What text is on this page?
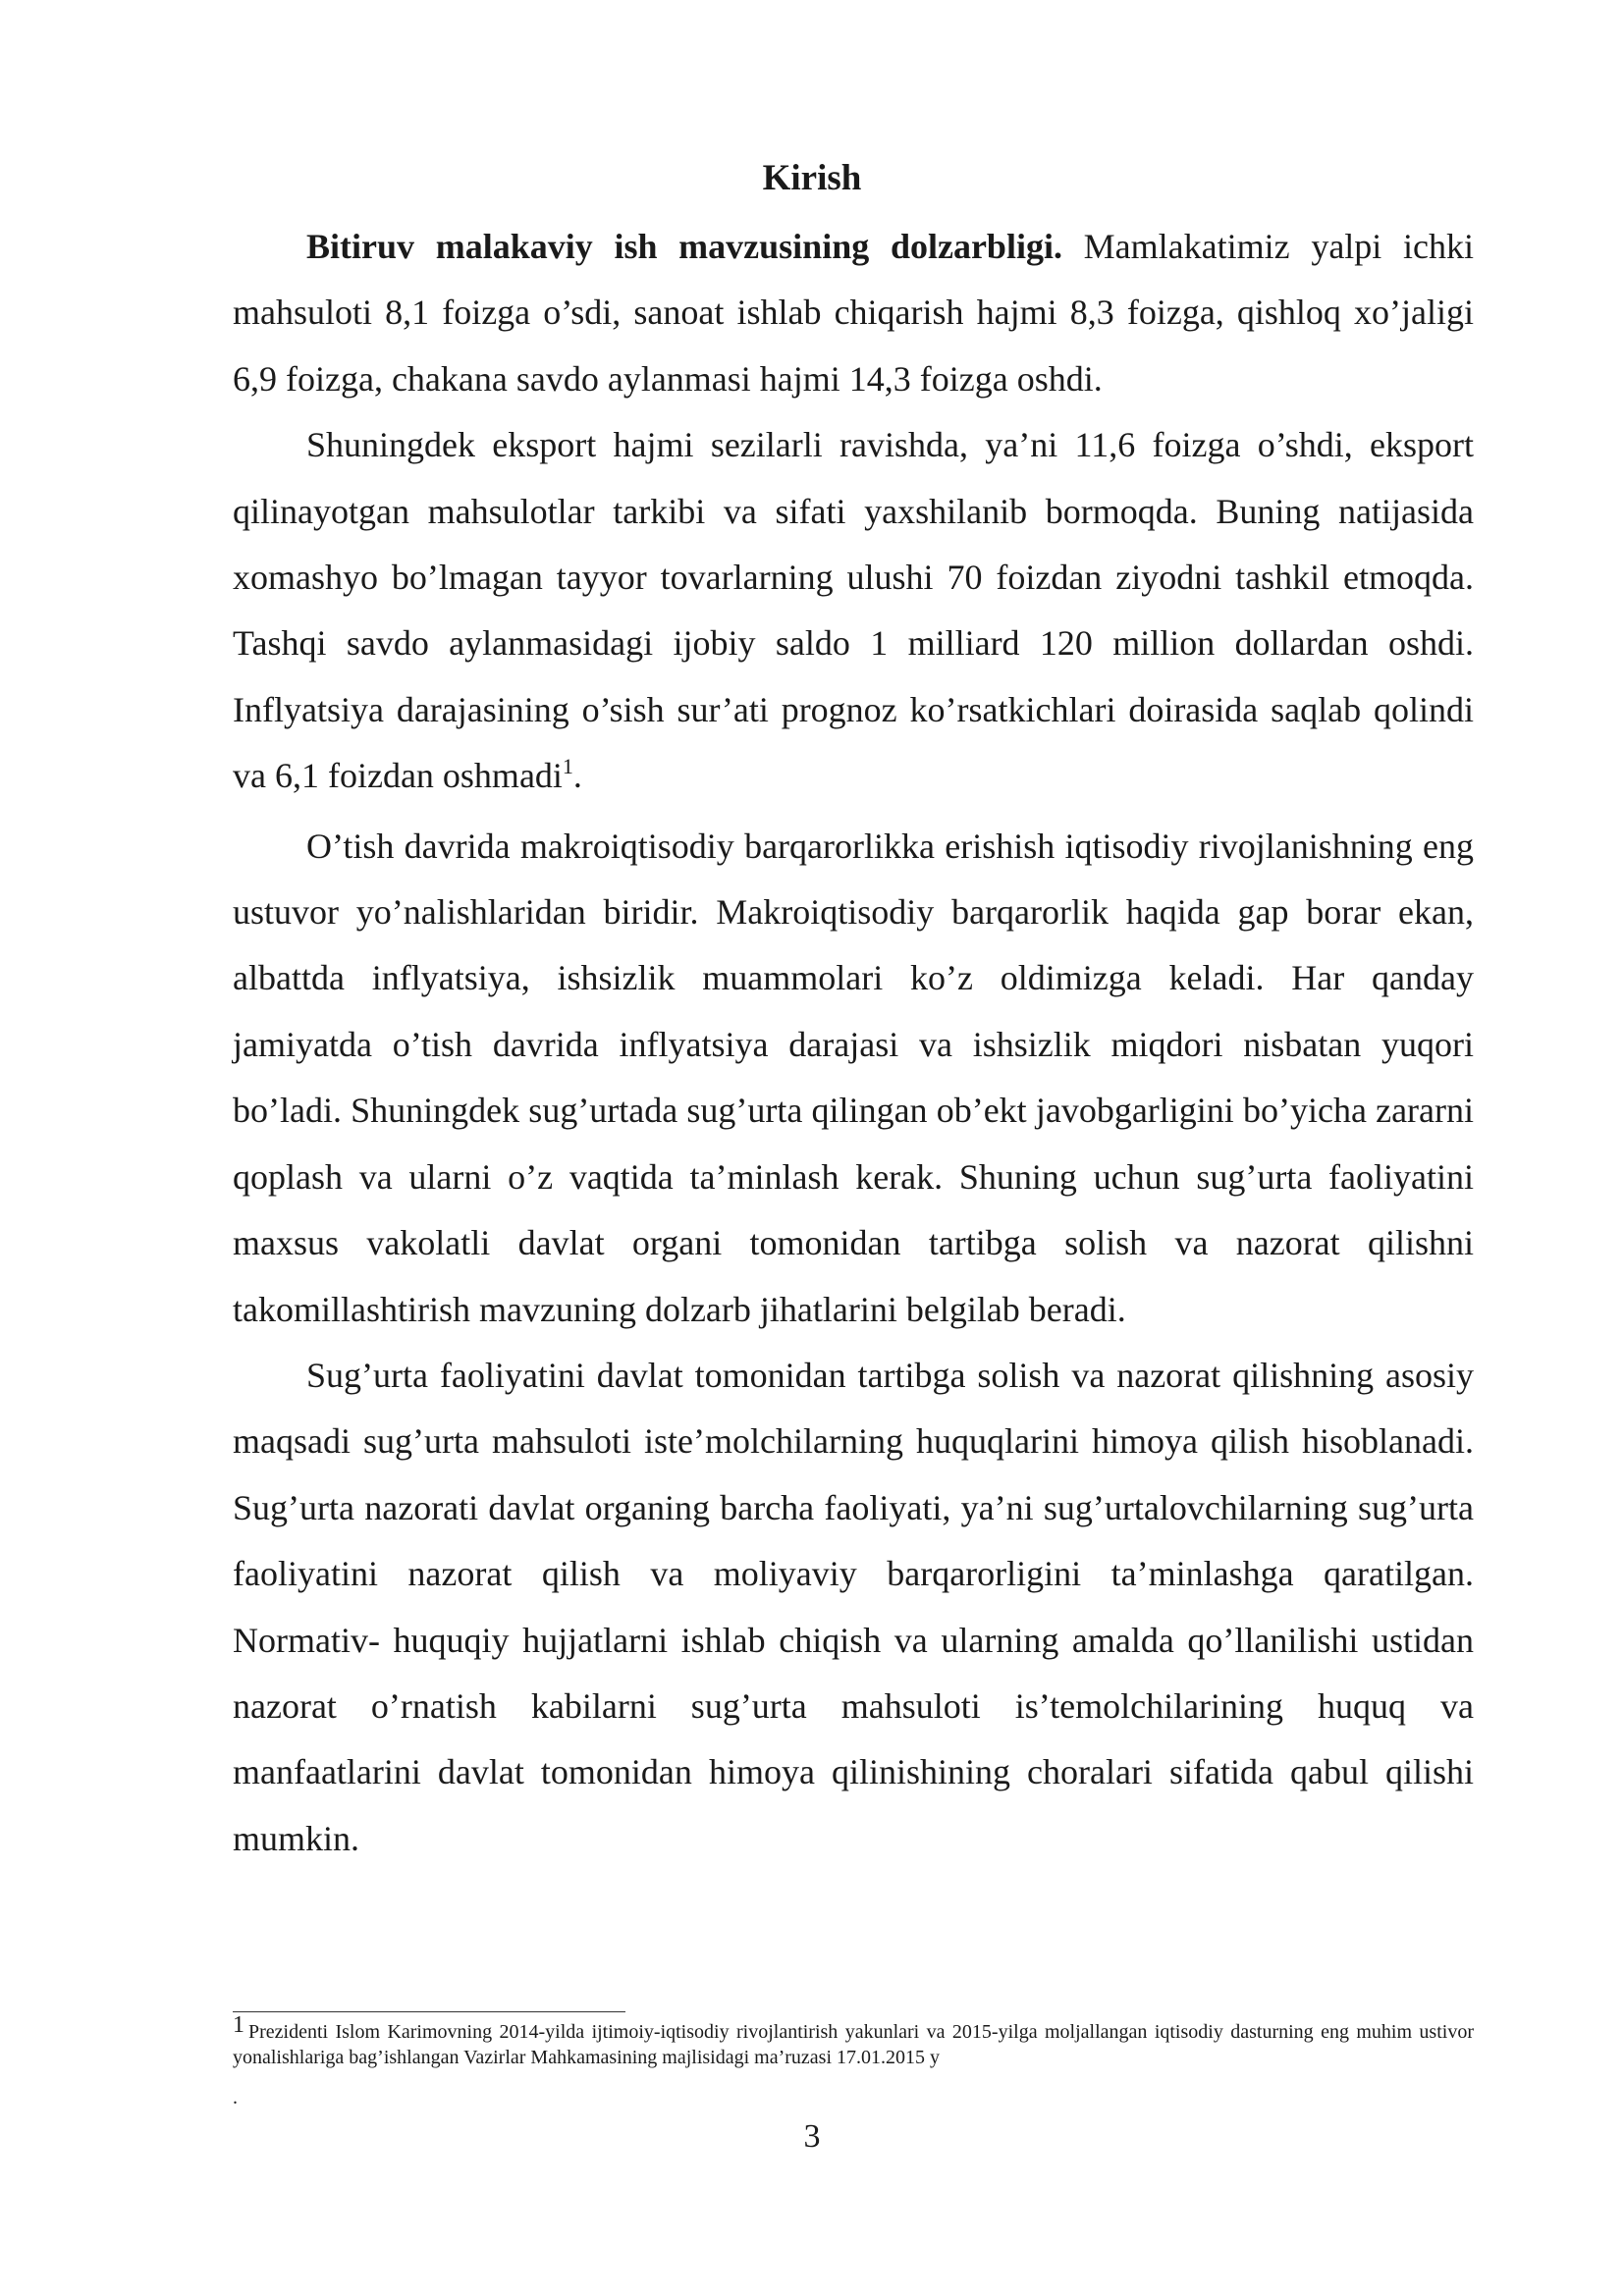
Kirish

Bitiruv malakaviy ish mavzusining dolzarbligi. Mamlakatimiz yalpi ichki mahsuloti 8,1 foizga o’sdi, sanoat ishlab chiqarish hajmi 8,3 foizga, qishloq xo’jaligi 6,9 foizga, chakana savdo aylanmasi hajmi 14,3 foizga oshdi.

Shuningdek eksport hajmi sezilarli ravishda, ya’ni 11,6 foizga o’shdi, eksport qilinayotgan mahsulotlar tarkibi va sifati yaxshilanib bormoqda. Buning natijasida xomashyo bo’lmagan tayyor tovarlarning ulushi 70 foizdan ziyodni tashkil etmoqda. Tashqi savdo aylanmasidagi ijobiy saldo 1 milliard 120 million dollardan oshdi. Inflyatsiya darajasining o’sish sur’ati prognoz ko’rsatkichlari doirasida saqlab qolindi va 6,1 foizdan oshmadi$^1$.

O’tish davrida makroiqtisodiy barqarorlikka erishish iqtisodiy rivojlanishning eng ustuvor yo’nalishlaridan biridir. Makroiqtisodiy barqarorlik haqida gap borar ekan, albattda inflyatsiya, ishsizlik muammolari ko’z oldimizga keladi. Har qanday jamiyatda o’tish davrida inflyatsiya darajasi va ishsizlik miqdori nisbatan yuqori bo’ladi. Shuningdek sug’urtada sug’urta qilingan ob’ekt javobgarligini bo’yicha zararni qoplash va ularni o’z vaqtida ta’minlash kerak. Shuning uchun sug’urta faoliyatini maxsus vakolatli davlat organi tomonidan tartibga solish va nazorat qilishni takomillashtirish mavzuning dolzarb jihatlarini belgilab beradi.

Sug’urta faoliyatini davlat tomonidan tartibga solish va nazorat qilishning asosiy maqsadi sug’urta mahsuloti iste’molchilarning huquqlarini himoya qilish hisoblanadi. Sug’urta nazorati davlat organing barcha faoliyati, ya’ni sug’urtalovchilarning sug’urta faoliyatini nazorat qilish va moliyaviy barqarorligini ta’minlashga qaratilgan. Normativ- huquqiy hujjatlarni ishlab chiqish va ularning amalda qo’llanilishi ustidan nazorat o’rnatish kabilarni sug’urta mahsuloti is’temolchilarining huquq va manfaatlarini davlat tomonidan himoya qilinishining choralari sifatida qabul qilishi mumkin.

1 Prezidenti Islom Karimovning 2014-yilda ijtimoiy-iqtisodiy rivojlantirish yakunlari va 2015-yilga moljallangan iqtisodiy dasturning eng muhim ustivor yonalishlariga bag’ishlangan Vazirlar Mahkamasining majlisidagi ma’ruzasi 17.01.2015 y

.
3
